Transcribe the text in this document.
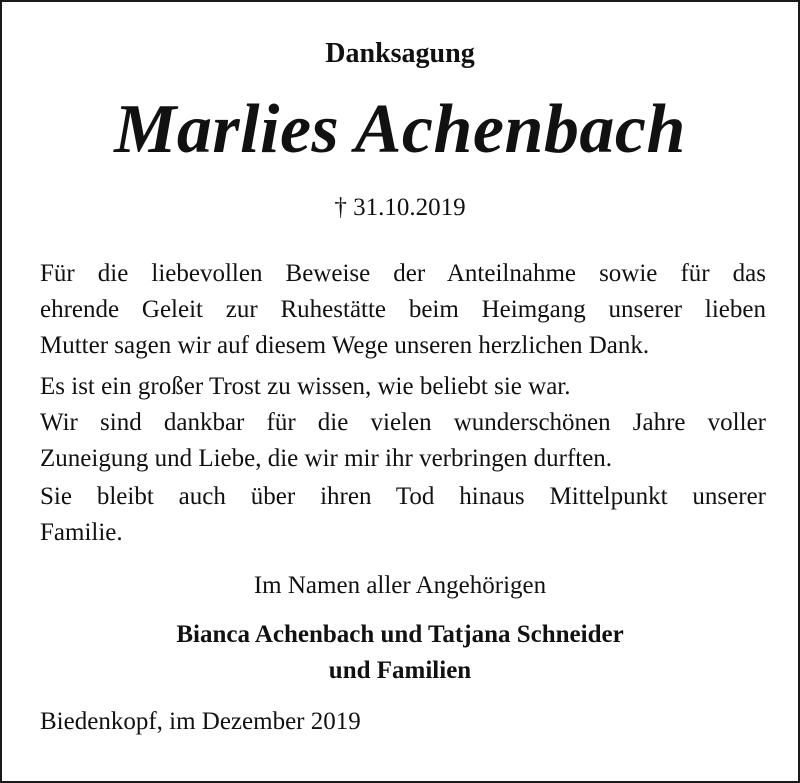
Danksagung
Marlies Achenbach
† 31.10.2019
Für die liebevollen Beweise der Anteilnahme sowie für das
ehrende Geleit zur Ruhestätte beim Heimgang unserer lieben
Mutter sagen wir auf diesem Wege unseren herzlichen Dank.
Es ist ein großer Trost zu wissen, wie beliebt sie war.
Wir sind dankbar für die vielen wunderschönen Jahre voller
Zuneigung und Liebe, die wir mir ihr verbringen durften.
Sie bleibt auch über ihren Tod hinaus Mittelpunkt unserer
Familie.
Im Namen aller Angehörigen
Bianca Achenbach und Tatjana Schneider
und Familien
Biedenkopf, im Dezember 2019
